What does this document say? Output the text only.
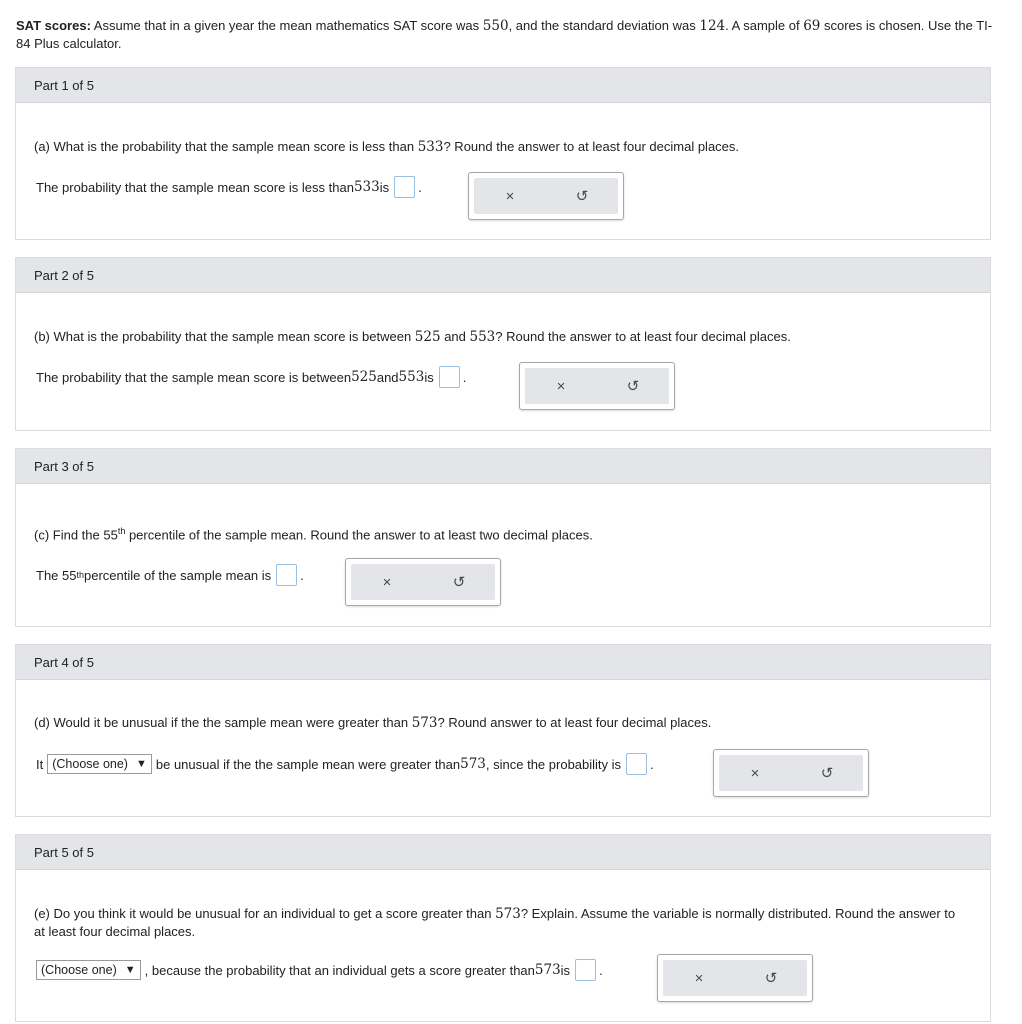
SAT scores: Assume that in a given year the mean mathematics SAT score was 550, and the standard deviation was 124. A sample of 69 scores is chosen. Use the TI-84 Plus calculator.
Part 1 of 5
(a) What is the probability that the sample mean score is less than 533? Round the answer to at least four decimal places.
The probability that the sample mean score is less than 533 is .
×	↺
Part 2 of 5
(b) What is the probability that the sample mean score is between 525 and 553? Round the answer to at least four decimal places.
The probability that the sample mean score is between 525 and 553 is .
×	↺
Part 3 of 5
(c) Find the 55th percentile of the sample mean. Round the answer to at least two decimal places.
The 55 th percentile of the sample mean is .	×	↺
Part 4 of 5
(d) Would it be unusual if the the sample mean were greater than 573? Round answer to at least four decimal places.
It (Choose one) ▼ be unusual if the the sample mean were greater than 573 , since the probability is .
×	↺
Part 5 of 5
(e) Do you think it would be unusual for an individual to get a score greater than 573? Explain. Assume the variable is normally distributed. Round the answer to at least four decimal places.
(Choose one) ▼ , because the probability that an individual gets a score greater than 573 is .	×	↺
